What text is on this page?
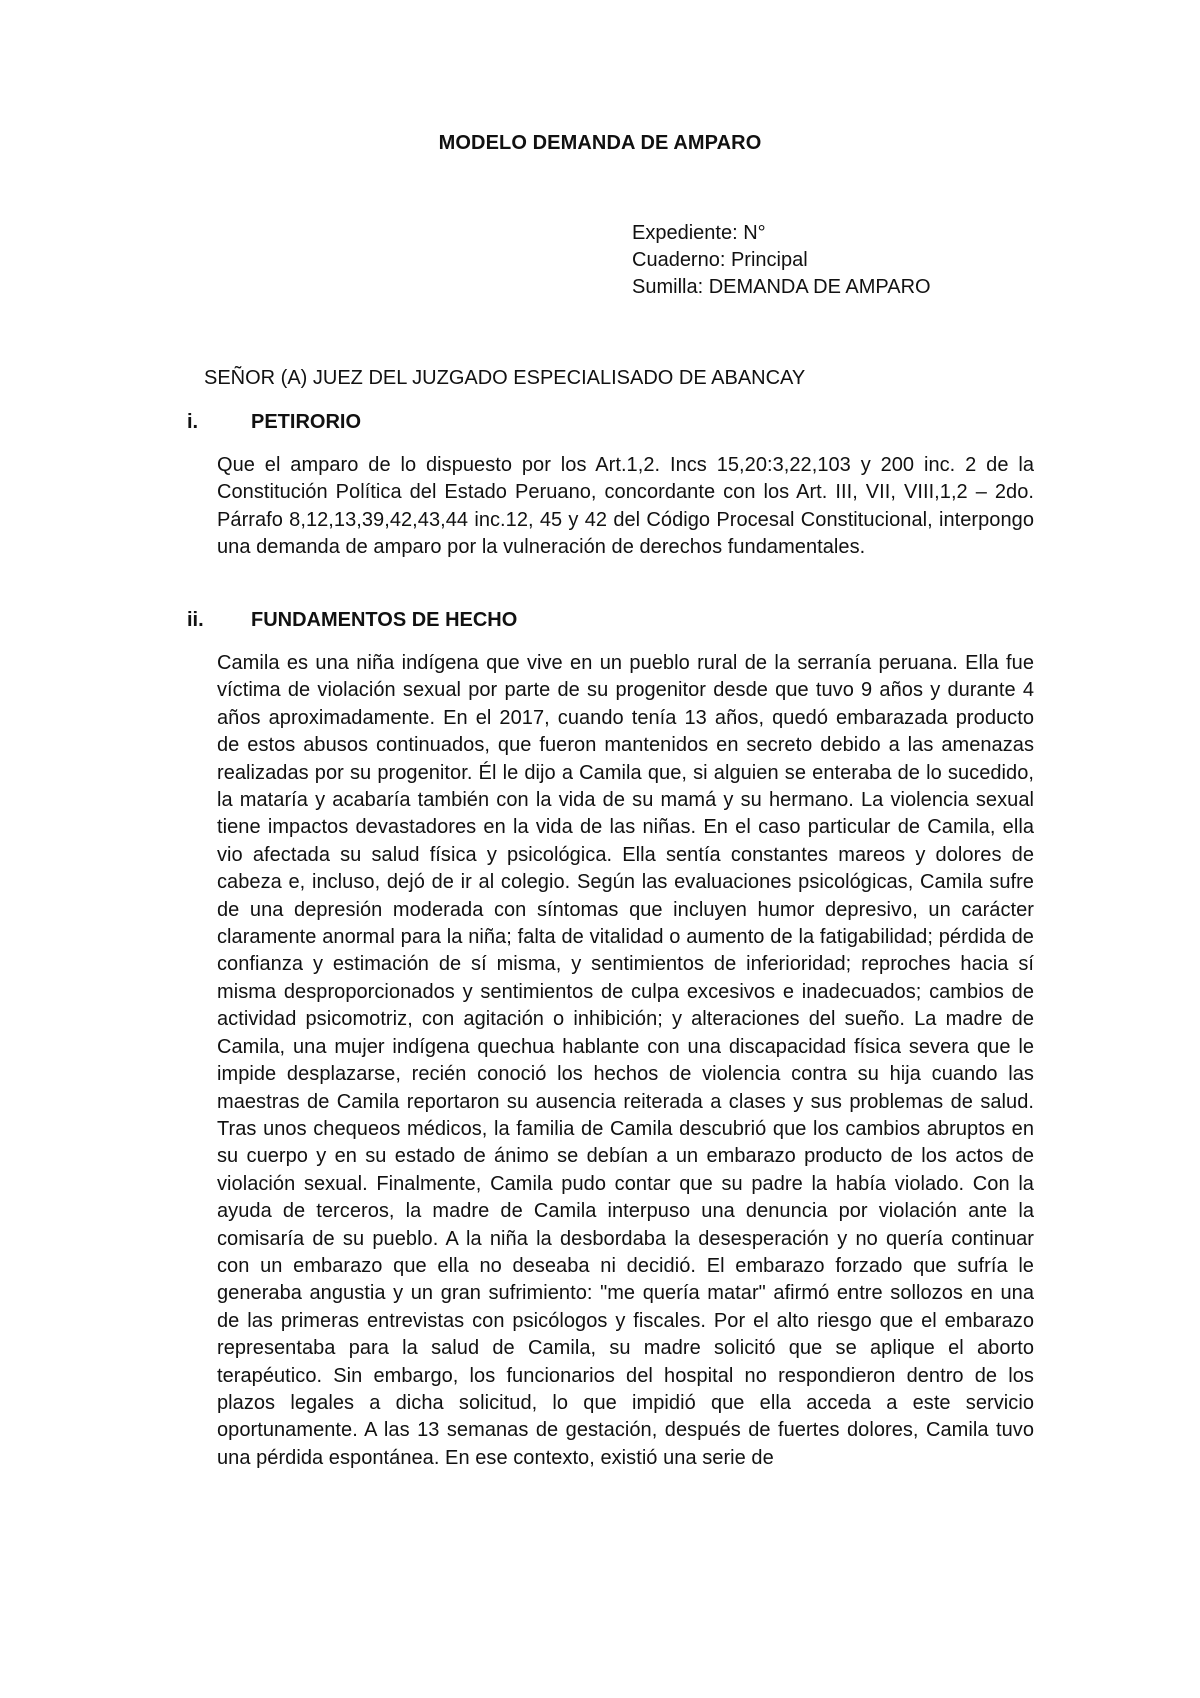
MODELO DEMANDA DE AMPARO
Expediente: N°
Cuaderno: Principal
Sumilla: DEMANDA DE AMPARO
SEÑOR (A) JUEZ DEL JUZGADO ESPECIALISADO DE ABANCAY
i.	PETIRORIO
Que el amparo de lo dispuesto por los Art.1,2. Incs 15,20:3,22,103 y 200 inc. 2 de la Constitución Política del Estado Peruano, concordante con los Art. III, VII, VIII,1,2 – 2do. Párrafo 8,12,13,39,42,43,44 inc.12, 45 y 42 del Código Procesal Constitucional, interpongo una demanda de amparo por la vulneración de derechos fundamentales.
ii. FUNDAMENTOS DE HECHO
Camila es una niña indígena que vive en un pueblo rural de la serranía peruana. Ella fue víctima de violación sexual por parte de su progenitor desde que tuvo 9 años y durante 4 años aproximadamente. En el 2017, cuando tenía 13 años, quedó embarazada producto de estos abusos continuados, que fueron mantenidos en secreto debido a las amenazas realizadas por su progenitor. Él le dijo a Camila que, si alguien se enteraba de lo sucedido, la mataría y acabaría también con la vida de su mamá y su hermano. La violencia sexual tiene impactos devastadores en la vida de las niñas. En el caso particular de Camila, ella vio afectada su salud física y psicológica. Ella sentía constantes mareos y dolores de cabeza e, incluso, dejó de ir al colegio. Según las evaluaciones psicológicas, Camila sufre de una depresión moderada con síntomas que incluyen humor depresivo, un carácter claramente anormal para la niña; falta de vitalidad o aumento de la fatigabilidad; pérdida de confianza y estimación de sí misma, y sentimientos de inferioridad; reproches hacia sí misma desproporcionados y sentimientos de culpa excesivos e inadecuados; cambios de actividad psicomotriz, con agitación o inhibición; y alteraciones del sueño. La madre de Camila, una mujer indígena quechua hablante con una discapacidad física severa que le impide desplazarse, recién conoció los hechos de violencia contra su hija cuando las maestras de Camila reportaron su ausencia reiterada a clases y sus problemas de salud. Tras unos chequeos médicos, la familia de Camila descubrió que los cambios abruptos en su cuerpo y en su estado de ánimo se debían a un embarazo producto de los actos de violación sexual. Finalmente, Camila pudo contar que su padre la había violado. Con la ayuda de terceros, la madre de Camila interpuso una denuncia por violación ante la comisaría de su pueblo. A la niña la desbordaba la desesperación y no quería continuar con un embarazo que ella no deseaba ni decidió. El embarazo forzado que sufría le generaba angustia y un gran sufrimiento: "me quería matar" afirmó entre sollozos en una de las primeras entrevistas con psicólogos y fiscales. Por el alto riesgo que el embarazo representaba para la salud de Camila, su madre solicitó que se aplique el aborto terapéutico. Sin embargo, los funcionarios del hospital no respondieron dentro de los plazos legales a dicha solicitud, lo que impidió que ella acceda a este servicio oportunamente. A las 13 semanas de gestación, después de fuertes dolores, Camila tuvo una pérdida espontánea. En ese contexto, existió una serie de
